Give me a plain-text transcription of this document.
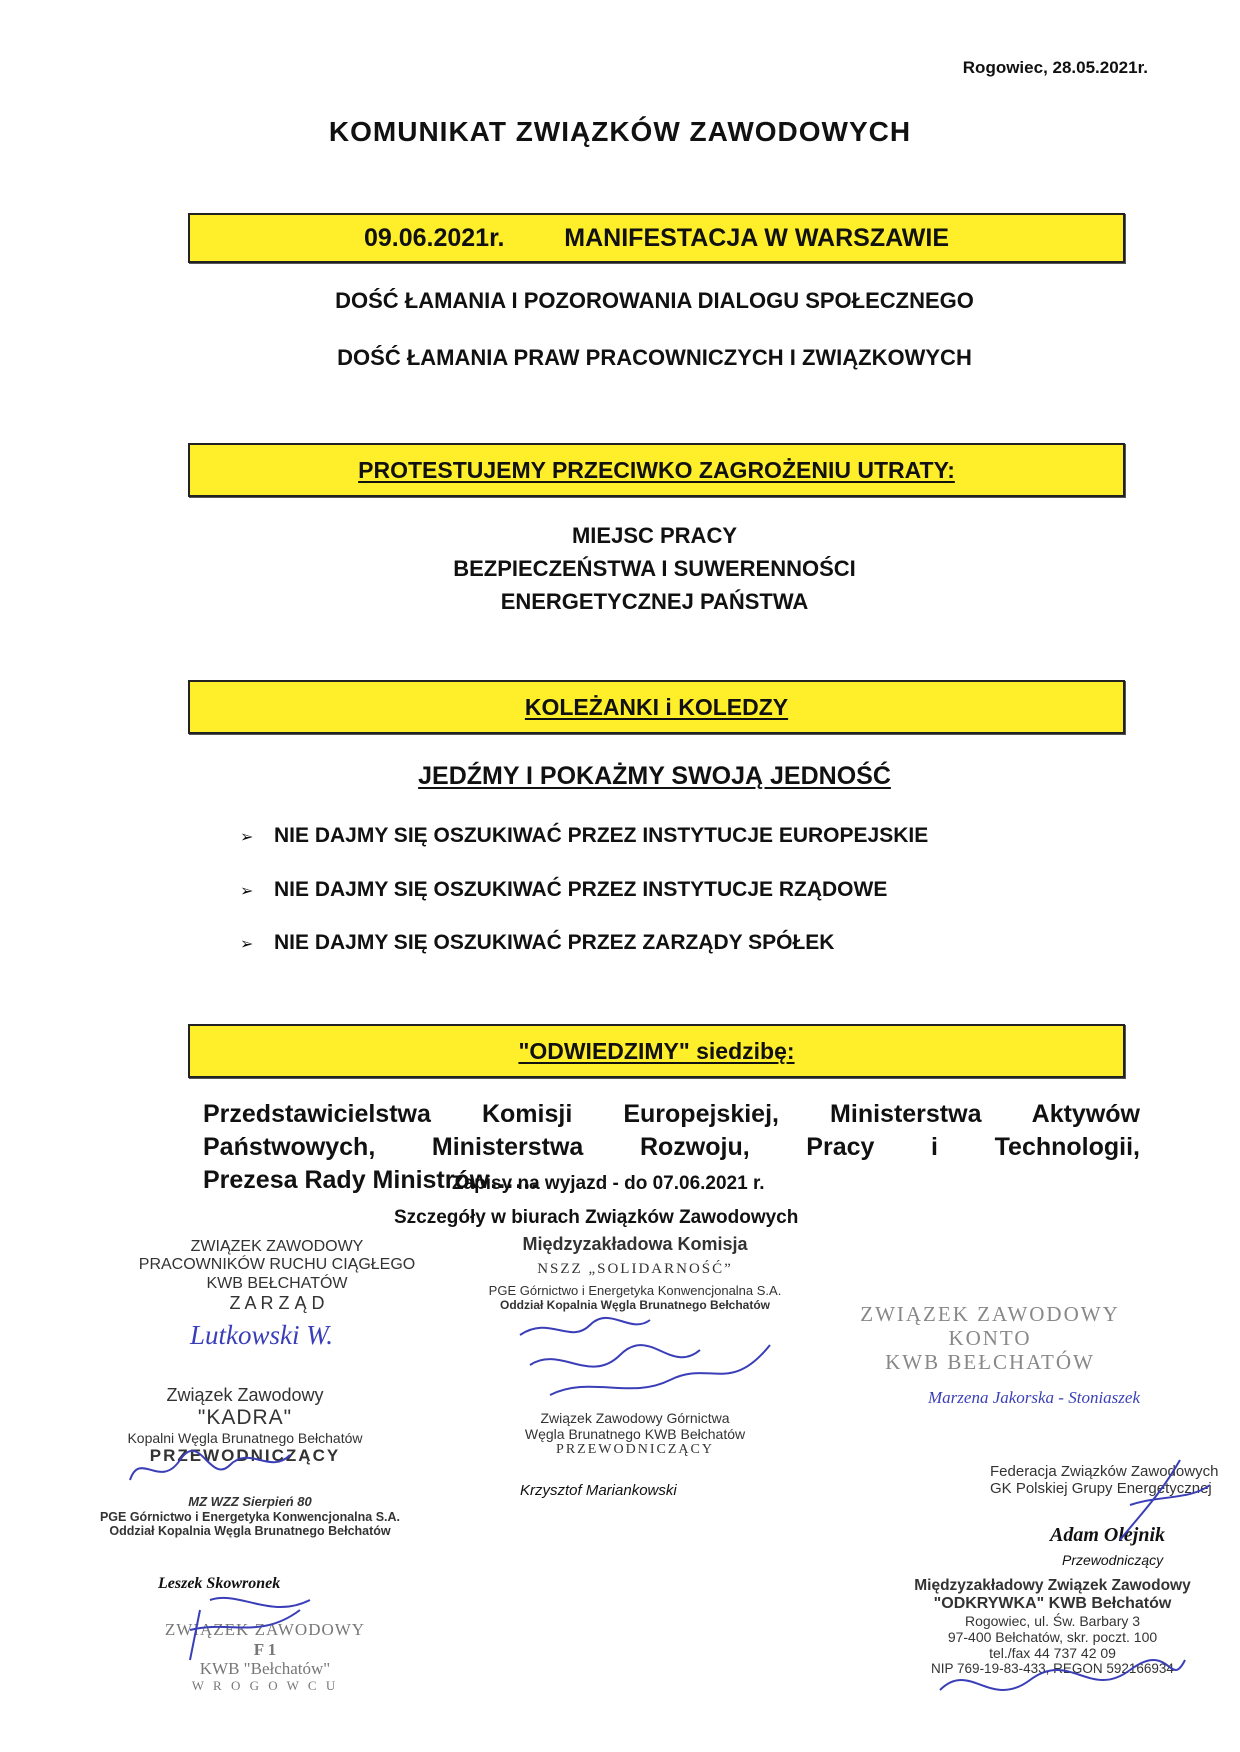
Rogowiec, 28.05.2021r.
KOMUNIKAT ZWIĄZKÓW ZAWODOWYCH
09.06.2021r. MANIFESTACJA W WARSZAWIE
DOŚĆ ŁAMANIA I POZOROWANIA DIALOGU SPOŁECZNEGO
DOŚĆ ŁAMANIA PRAW PRACOWNICZYCH I ZWIĄZKOWYCH
PROTESTUJEMY PRZECIWKO ZAGROŻENIU UTRATY:
MIEJSC PRACY
BEZPIECZEŃSTWA I SUWERENNOŚCI
ENERGETYCZNEJ PAŃSTWA
KOLEŻANKI i KOLEDZY
JEDŹMY I POKAŻMY SWOJĄ JEDNOŚĆ
➢ NIE DAJMY SIĘ OSZUKIWAĆ PRZEZ INSTYTUCJE EUROPEJSKIE
➢ NIE DAJMY SIĘ OSZUKIWAĆ PRZEZ INSTYTUCJE RZĄDOWE
➢ NIE DAJMY SIĘ OSZUKIWAĆ PRZEZ ZARZĄDY SPÓŁEK
"ODWIEDZIMY" siedzibę:
Przedstawicielstwa Komisji Europejskiej, Ministerstwa Aktywów
Państwowych, Ministerstwa Rozwoju, Pracy i Technologii,
Prezesa Rady Ministrów……
Zapisy na wyjazd - do 07.06.2021 r.
Szczegóły w biurach Związków Zawodowych
ZWIĄZEK ZAWODOWY
PRACOWNIKÓW RUCHU CIĄGŁEGO
KWB BEŁCHATÓW
Z A R Z Ą D
Lutkowski W.
Międzyzakładowa Komisja
NSZZ „SOLIDARNOŚĆ”
PGE Górnictwo i Energetyka Konwencjonalna S.A.
Oddział Kopalnia Węgla Brunatnego Bełchatów	ZWIĄZEK ZAWODOWY
KONTO
KWB BEŁCHATÓW
Marzena Jakorska - Stoniaszek
Związek Zawodowy
"KADRA"
Kopalni Węgla Brunatnego Bełchatów
PRZEWODNICZĄCY
MZ WZZ Sierpień 80
PGE Górnictwo i Energetyka Konwencjonalna S.A.
Oddział Kopalnia Węgla Brunatnego Bełchatów
Leszek Skowronek
Związek Zawodowy Górnictwa
Węgla Brunatnego KWB Bełchatów
PRZEWODNICZĄCY
Krzysztof Mariankowski
ZWIĄZEK ZAWODOWY
F 1
KWB "Bełchatów"
W R O G O W C U
Federacja Związków Zawodowych
GK Polskiej Grupy Energetycznej
Adam Olejnik
Przewodniczący
Międzyzakładowy Związek Zawodowy
"ODKRYWKA" KWB Bełchatów
Rogowiec, ul. Św. Barbary 3
97-400 Bełchatów, skr. poczt. 100
tel./fax 44 737 42 09
NIP 769-19-83-433, REGON 592166934
